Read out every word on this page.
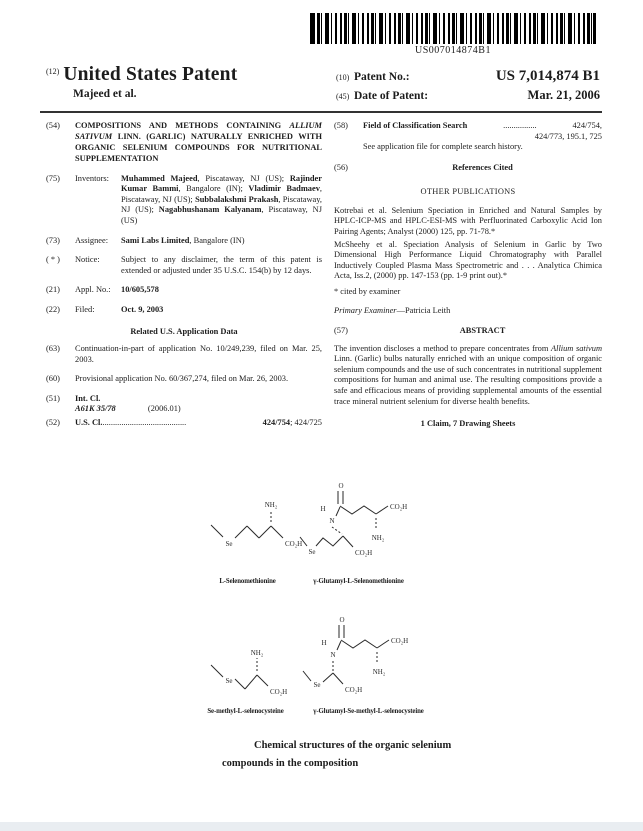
US007014874B1
$^{(12)}$ United States Patent
Majeed et al.
(10) Patent No.:	US 7,014,874 B1
(45) Date of Patent:	Mar. 21, 2006
(54)	COMPOSITIONS AND METHODS CONTAINING ALLIUM SATIVUM LINN. (GARLIC) NATURALLY ENRICHED WITH ORGANIC SELENIUM COMPOUNDS FOR NUTRITIONAL SUPPLEMENTATION
(75)	Inventors:	Muhammed Majeed, Piscataway, NJ (US); Rajinder Kumar Bammi, Bangalore (IN); Vladimir Badmaev, Piscataway, NJ (US); Subbalakshmi Prakash, Piscataway, NJ (US); Nagabhushanam Kalyanam, Piscataway, NJ (US)
(73)	Assignee:	Sami Labs Limited, Bangalore (IN)
( * )	Notice:	Subject to any disclaimer, the term of this patent is extended or adjusted under 35 U.S.C. 154(b) by 12 days.
(21)	Appl. No.:	10/605,578
(22)	Filed:	Oct. 9, 2003
Related U.S. Application Data
(63)	Continuation-in-part of application No. 10/249,239, filed on Mar. 25, 2003.
(60)	Provisional application No. 60/367,274, filed on Mar. 26, 2003.
(51)	Int. Cl.
A61K 35/78	(2006.01)
(52)	U.S. Cl. ........................................	424/754; 424/725
(58)	Field of Classification Search	................	424/754,
424/773, 195.1, 725
See application file for complete search history.
(56)	References Cited
OTHER PUBLICATIONS
Kotrebai et al. Selenium Speciation in Enriched and Natural Samples by HPLC-ICP-MS and HPLC-ESI-MS with Perfluorinated Carboxylic Acid Ion Pairing Agents; Analyst (2000) 125, pp. 71-78.*
McSheehy et al. Speciation Analysis of Selenium in Garlic by Two Dimensional High Performance Liquid Chromatography with Parallel Inductively Coupled Plasma Mass Spectrometric and . . . Analytica Chimica Acta, Iss.2, (2000) pp. 147-153 (pp. 1-9 print out).*
* cited by examiner
Primary Examiner—Patricia Leith
(57)	ABSTRACT
The invention discloses a method to prepare concentrates from Allium sativum Linn. (Garlic) bulbs naturally enriched with an unique composition of organic selenium compounds and the use of such concentrates in nutritional supplement compositions for human and animal use. The resulting compositions provide a safe and efficacious means of providing supplemental amounts of the essential trace mineral nutrient selenium for diverse health benefits.
1 Claim, 7 Drawing Sheets
Se
NH₂
CO₂H
O
H
N
CO₂H
NH₂
Se	CO₂H
Se
NH₂
CO₂H
O
H
N
CO₂H
NH₂
Se
CO₂H
L-Selenomethionine	γ-Glutamyl-L-Selenomethionine
Se-methyl-L-selenocysteine	γ-Glutamyl-Se-methyl-L-selenocysteine
Chemical structures of the organic selenium
compounds in the composition
